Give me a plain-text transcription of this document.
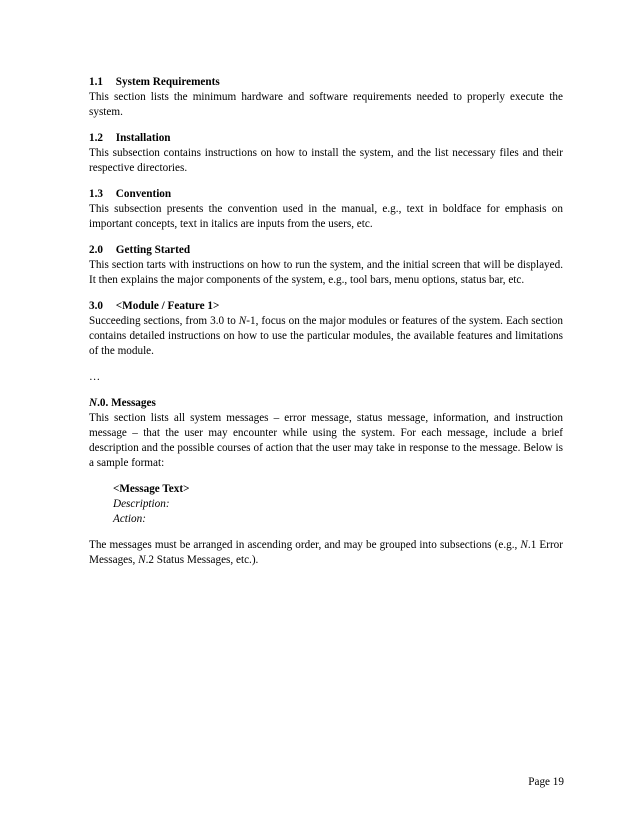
1.1 System Requirements

This section lists the minimum hardware and software requirements needed to properly execute the system.

1.2 Installation

This subsection contains instructions on how to install the system, and the list necessary files and their respective directories.

1.3 Convention

This subsection presents the convention used in the manual, e.g., text in boldface for emphasis on important concepts, text in italics are inputs from the users, etc.

2.0 Getting Started

This section tarts with instructions on how to run the system, and the initial screen that will be displayed. It then explains the major components of the system, e.g., tool bars, menu options, status bar, etc.

3.0 <Module / Feature 1>

Succeeding sections, from 3.0 to N-1, focus on the major modules or features of the system. Each section contains detailed instructions on how to use the particular modules, the available features and limitations of the module.

…

N.0. Messages

This section lists all system messages – error message, status message, information, and instruction message – that the user may encounter while using the system. For each message, include a brief description and the possible courses of action that the user may take in response to the message. Below is a sample format:

<Message Text>
Description:
Action:

The messages must be arranged in ascending order, and may be grouped into subsections (e.g., N.1 Error Messages, N.2 Status Messages, etc.).

Page 19
